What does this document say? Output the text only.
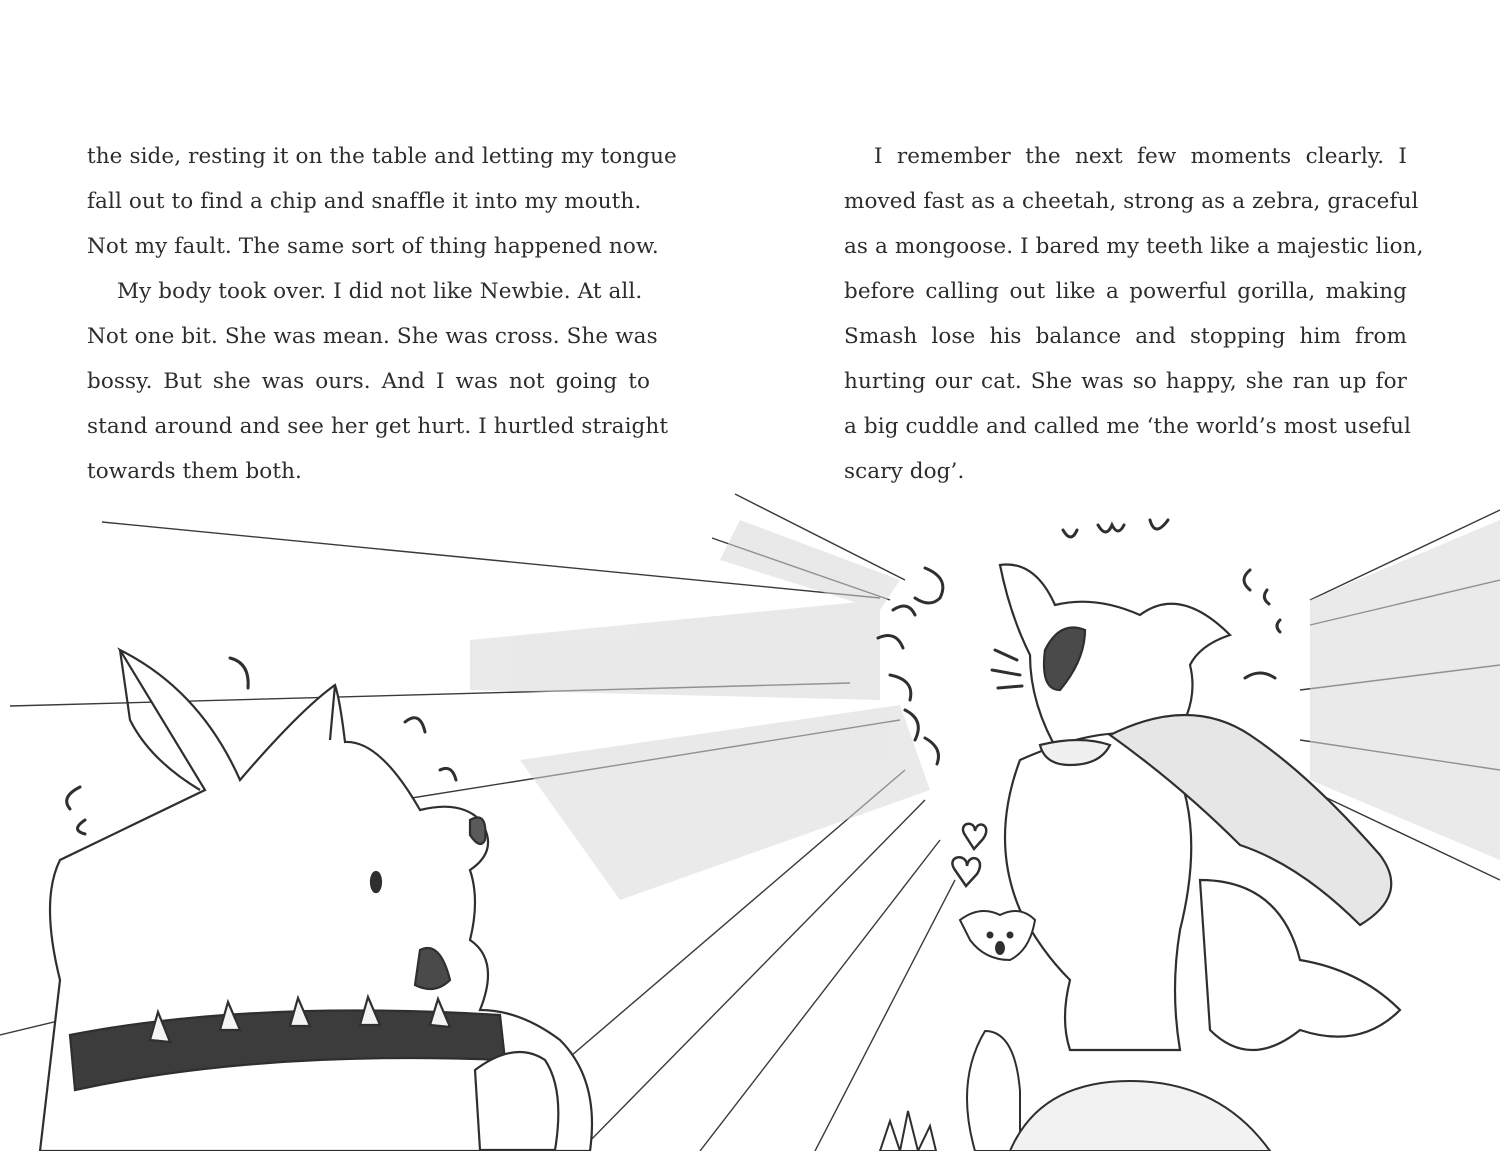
the side, resting it on the table and letting my tongue
fall out to find a chip and snaffle it into my mouth.
Not my fault. The same sort of thing happened now.
My body took over. I did not like Newbie. At all.
Not one bit. She was mean. She was cross. She was
bossy. But she was ours. And I was not going to
stand around and see her get hurt. I hurtled straight
towards them both.
I remember the next few moments clearly. I
moved fast as a cheetah, strong as a zebra, graceful
as a mongoose. I bared my teeth like a majestic lion,
before calling out like a powerful gorilla, making
Smash lose his balance and stopping him from
hurting our cat. She was so happy, she ran up for
a big cuddle and called me ‘the world’s most useful
scary dog’.
